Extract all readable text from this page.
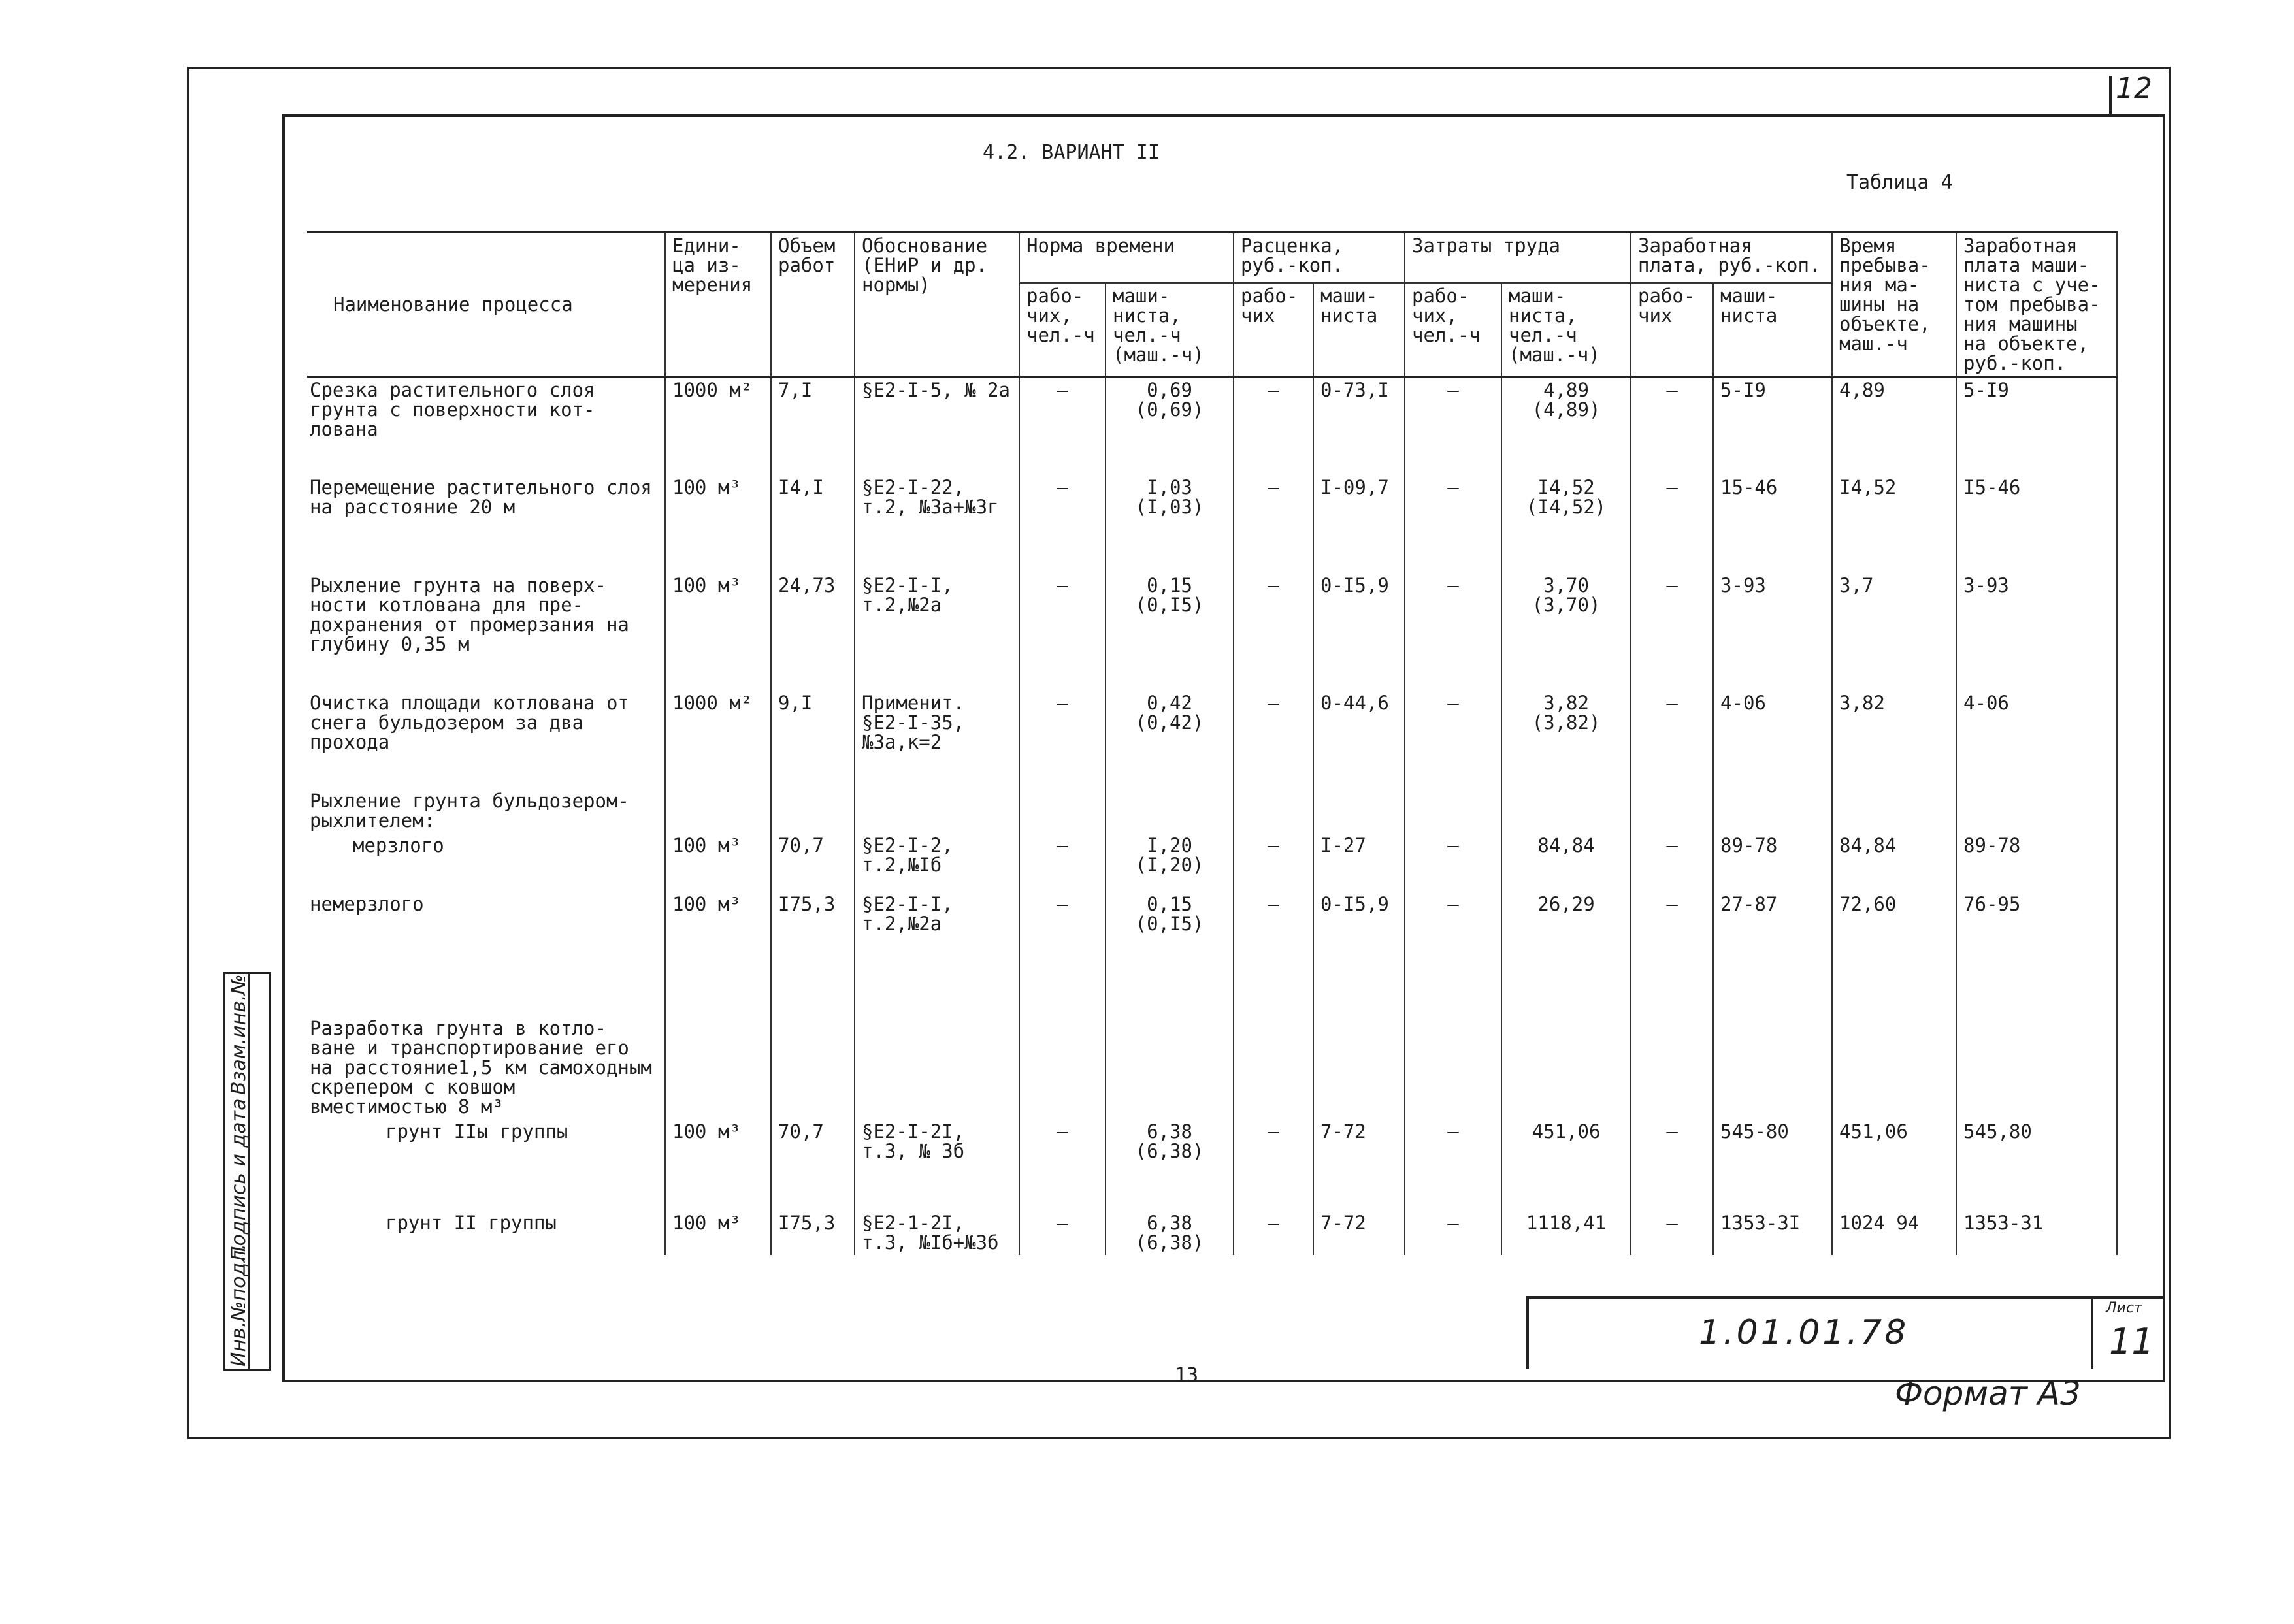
12
4.2. ВАРИАНТ II
Таблица 4
Наименование процесса	Едини- ца из- мерения	Объем работ	Обоснование (ЕНиР и др. нормы)	Норма времени		Расценка, руб.-коп.		Затраты труда		Заработная плата, руб.-коп.		Время пребыва- ния ма- шины на объекте, маш.-ч	Заработная плата маши- ниста с уче- том пребыва- ния машины на объекте, руб.-коп.
				рабо- чих, чел.-ч	маши- ниста, чел.-ч (маш.-ч)	рабо- чих	маши- ниста	рабо- чих, чел.-ч	маши- ниста, чел.-ч (маш.-ч)	рабо- чих	маши- ниста		
Срезка растительного слоя грунта с поверхности кот- лована	1000 м²	7,I	§Е2-I-5, № 2а	–	0,69 (0,69)	–	0-73,I	–	4,89 (4,89)	–	5-I9	4,89	5-I9
Перемещение растительного слоя на расстояние 20 м	100 м³	I4,I	§Е2-I-22, т.2, №3а+№3г	–	I,03 (I,03)	–	I-09,7	–	I4,52 (I4,52)	–	15-46	I4,52	I5-46
Рыхление грунта на поверх- ности котлована для пре- дохранения от промерзания на глубину 0,35 м	100 м³	24,73	§Е2-I-I, т.2,№2а	–	0,15 (0,I5)	–	0-I5,9	–	3,70 (3,70)	–	3-93	3,7	3-93
Очистка площади котлована от снега бульдозером за два прохода	1000 м²	9,I	Применит. §Е2-I-35, №3а,к=2	–	0,42 (0,42)	–	0-44,6	–	3,82 (3,82)	–	4-06	3,82	4-06
Рыхление грунта бульдозером- рыхлителем:													
мерзлого	100 м³	70,7	§Е2-I-2, т.2,№Iб	–	I,20 (I,20)	–	I-27	–	84,84	–	89-78	84,84	89-78
немерзлого	100 м³	I75,3	§Е2-I-I, т.2,№2а	–	0,15 (0,I5)	–	0-I5,9	–	26,29	–	27-87	72,60	76-95
Разработка грунта в котло- ване и транспортирование его на расстояние1,5 км самоходным скрепером с ковшом вместимостью 8 м³													
грунт IIы группы	100 м³	70,7	§Е2-I-2I, т.3, № 3б	–	6,38 (6,38)	–	7-72	–	451,06	–	545-80	451,06	545,80
грунт II группы	100 м³	I75,3	§Е2-1-2I, т.3, №Iб+№3б	–	6,38 (6,38)	–	7-72	–	1118,41	–	1353-3I	1024 94	1353-31
1.01.01.78
Лист
11
13	Формат А3
Инв.№подл.
Подпись и дата
Взам.инв.№
